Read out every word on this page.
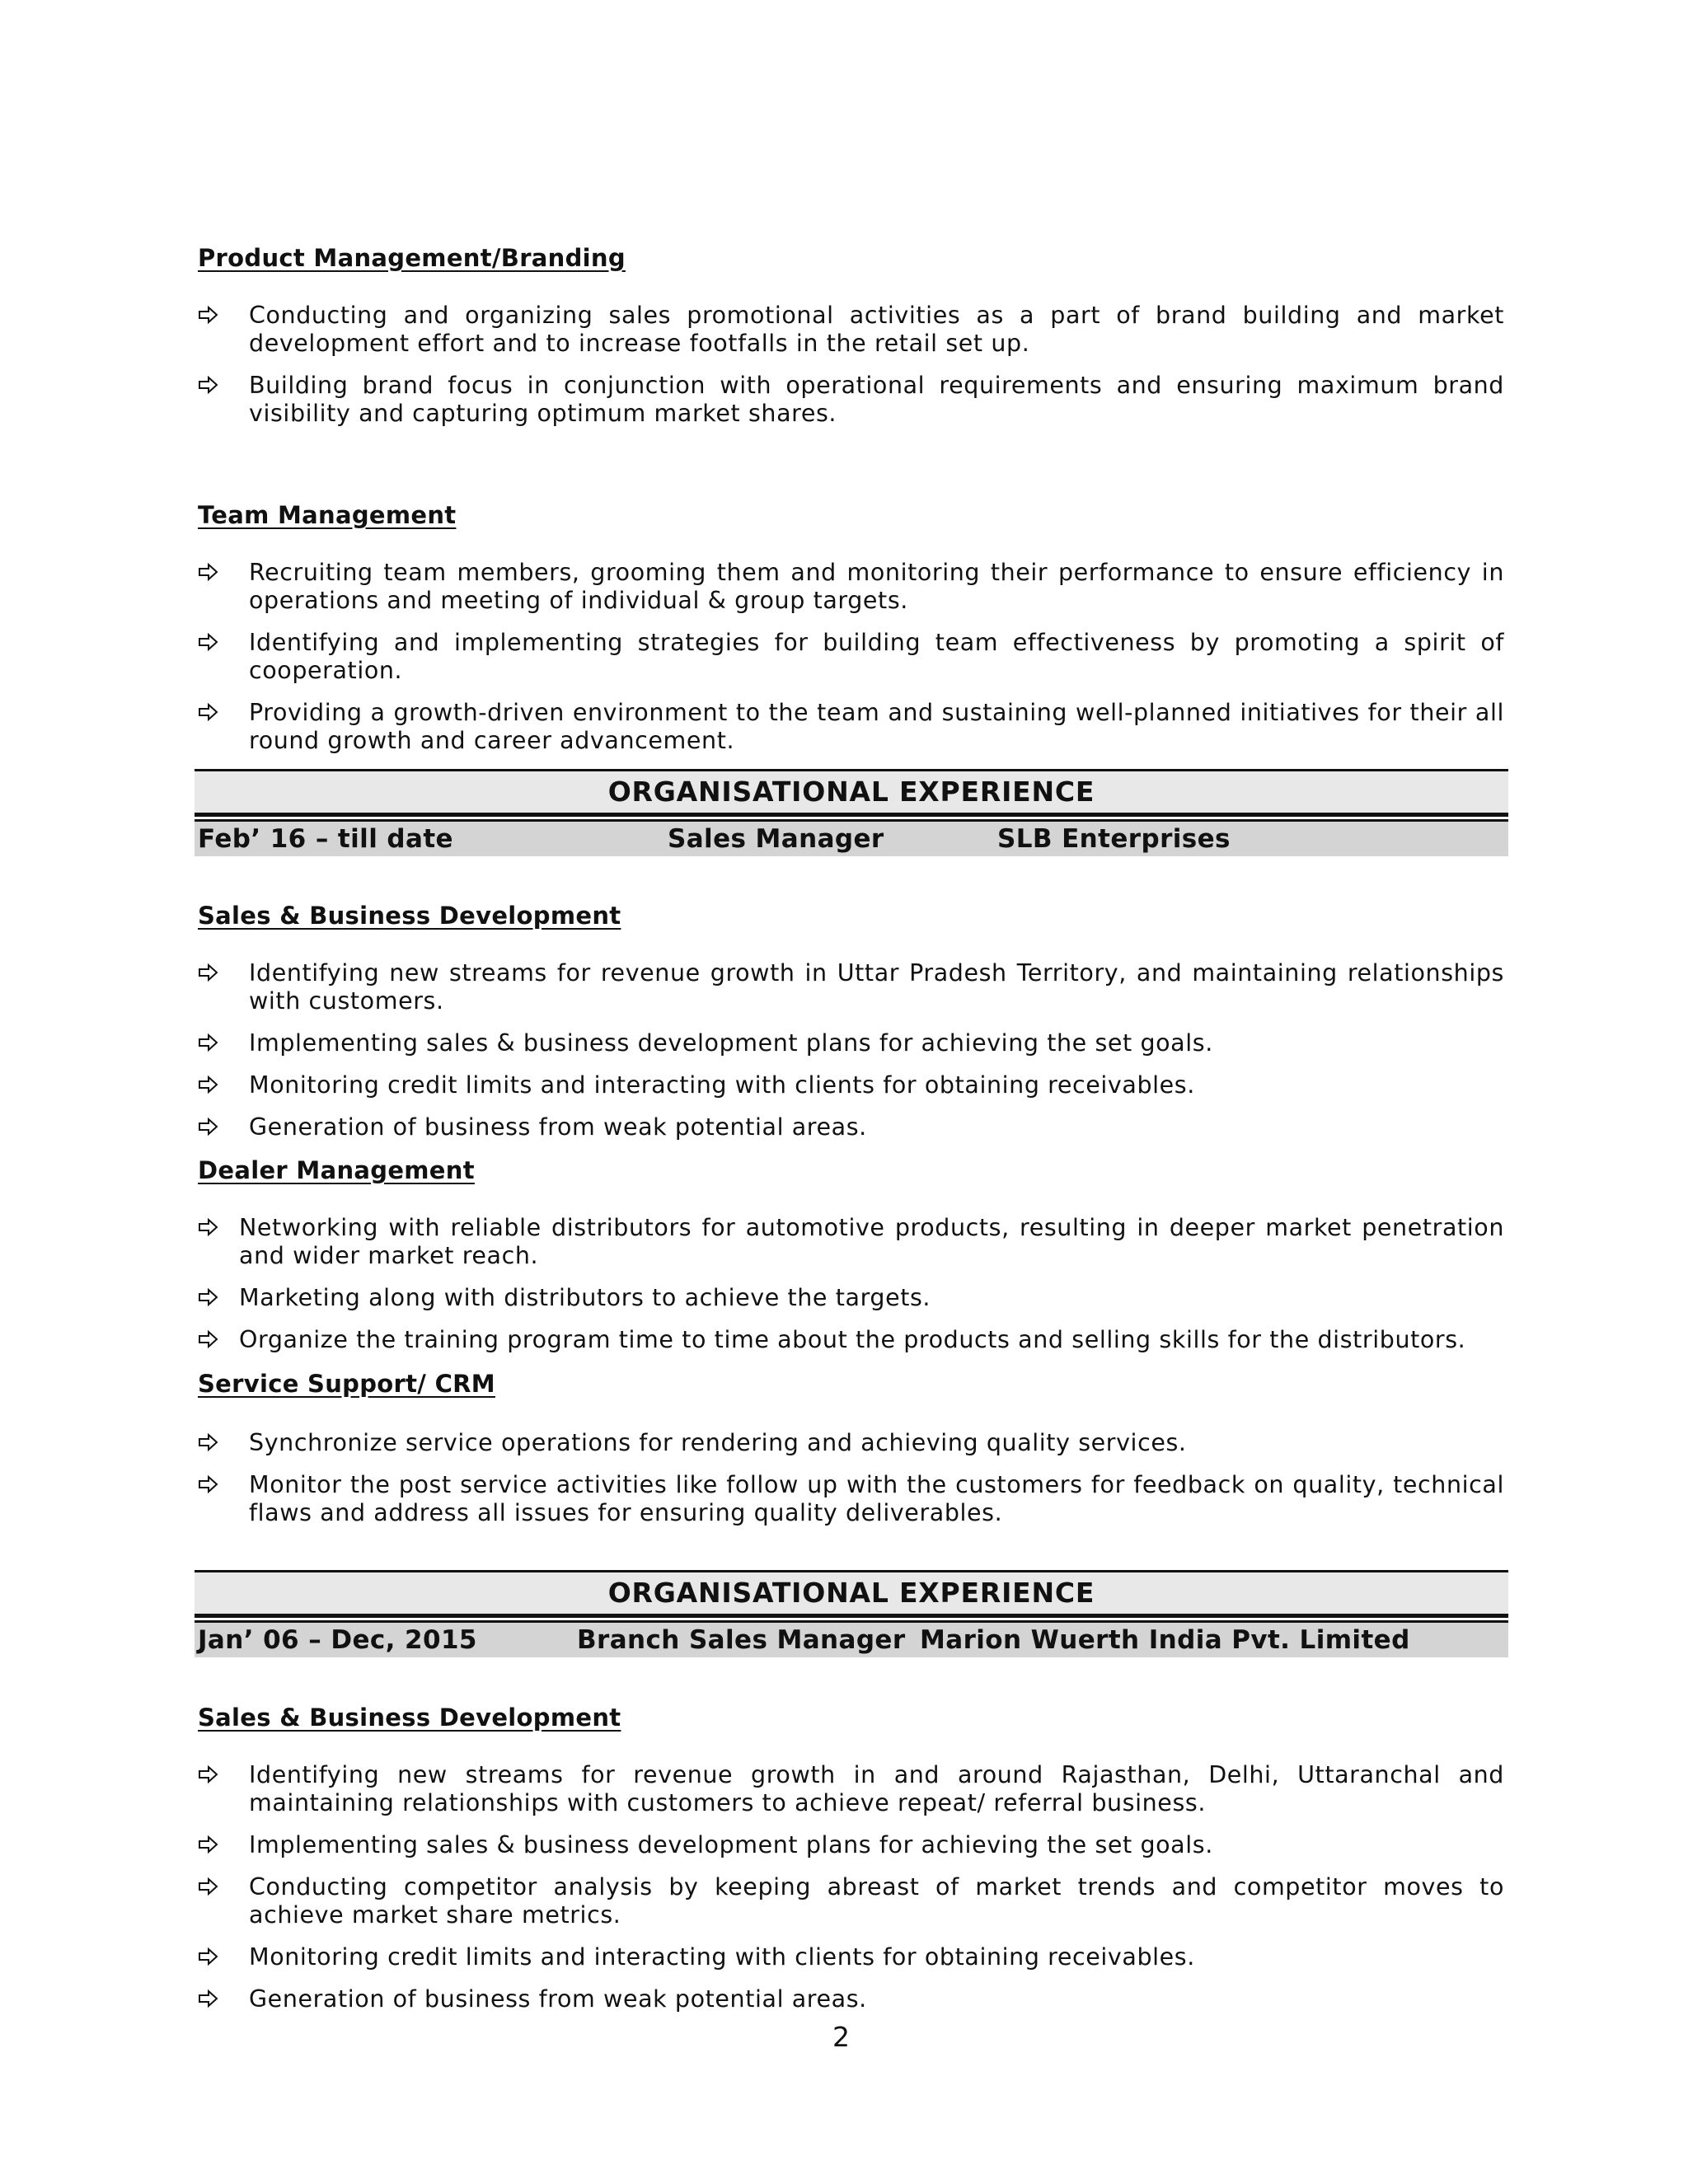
Product Management/Branding
Conducting and organizing sales promotional activities as a part of brand building and market development effort and to increase footfalls in the retail set up.
Building brand focus in conjunction with operational requirements and ensuring maximum brand visibility and capturing optimum market shares.
Team Management
Recruiting team members, grooming them and monitoring their performance to ensure efficiency in operations and meeting of individual & group targets.
Identifying and implementing strategies for building team effectiveness by promoting a spirit of cooperation.
Providing a growth-driven environment to the team and sustaining well-planned initiatives for their all round growth and career advancement.
ORGANISATIONAL EXPERIENCE
Feb’ 16 – till date	Sales Manager	SLB Enterprises
Sales & Business Development
Identifying new streams for revenue growth in Uttar Pradesh Territory, and maintaining relationships with customers.
Implementing sales & business development plans for achieving the set goals.
Monitoring credit limits and interacting with clients for obtaining receivables.
Generation of business from weak potential areas.
Dealer Management
Networking with reliable distributors for automotive products, resulting in deeper market penetration and wider market reach.
Marketing along with distributors to achieve the targets.
Organize the training program time to time about the products and selling skills for the distributors.
Service Support/ CRM
Synchronize service operations for rendering and achieving quality services.
Monitor the post service activities like follow up with the customers for feedback on quality, technical flaws and address all issues for ensuring quality deliverables.
ORGANISATIONAL EXPERIENCE
Jan’ 06 – Dec, 2015	Branch Sales Manager Marion Wuerth India Pvt. Limited
Sales & Business Development
Identifying new streams for revenue growth in and around Rajasthan, Delhi, Uttaranchal and maintaining relationships with customers to achieve repeat/ referral business.
Implementing sales & business development plans for achieving the set goals.
Conducting competitor analysis by keeping abreast of market trends and competitor moves to achieve market share metrics.
Monitoring credit limits and interacting with clients for obtaining receivables.
Generation of business from weak potential areas.
2
